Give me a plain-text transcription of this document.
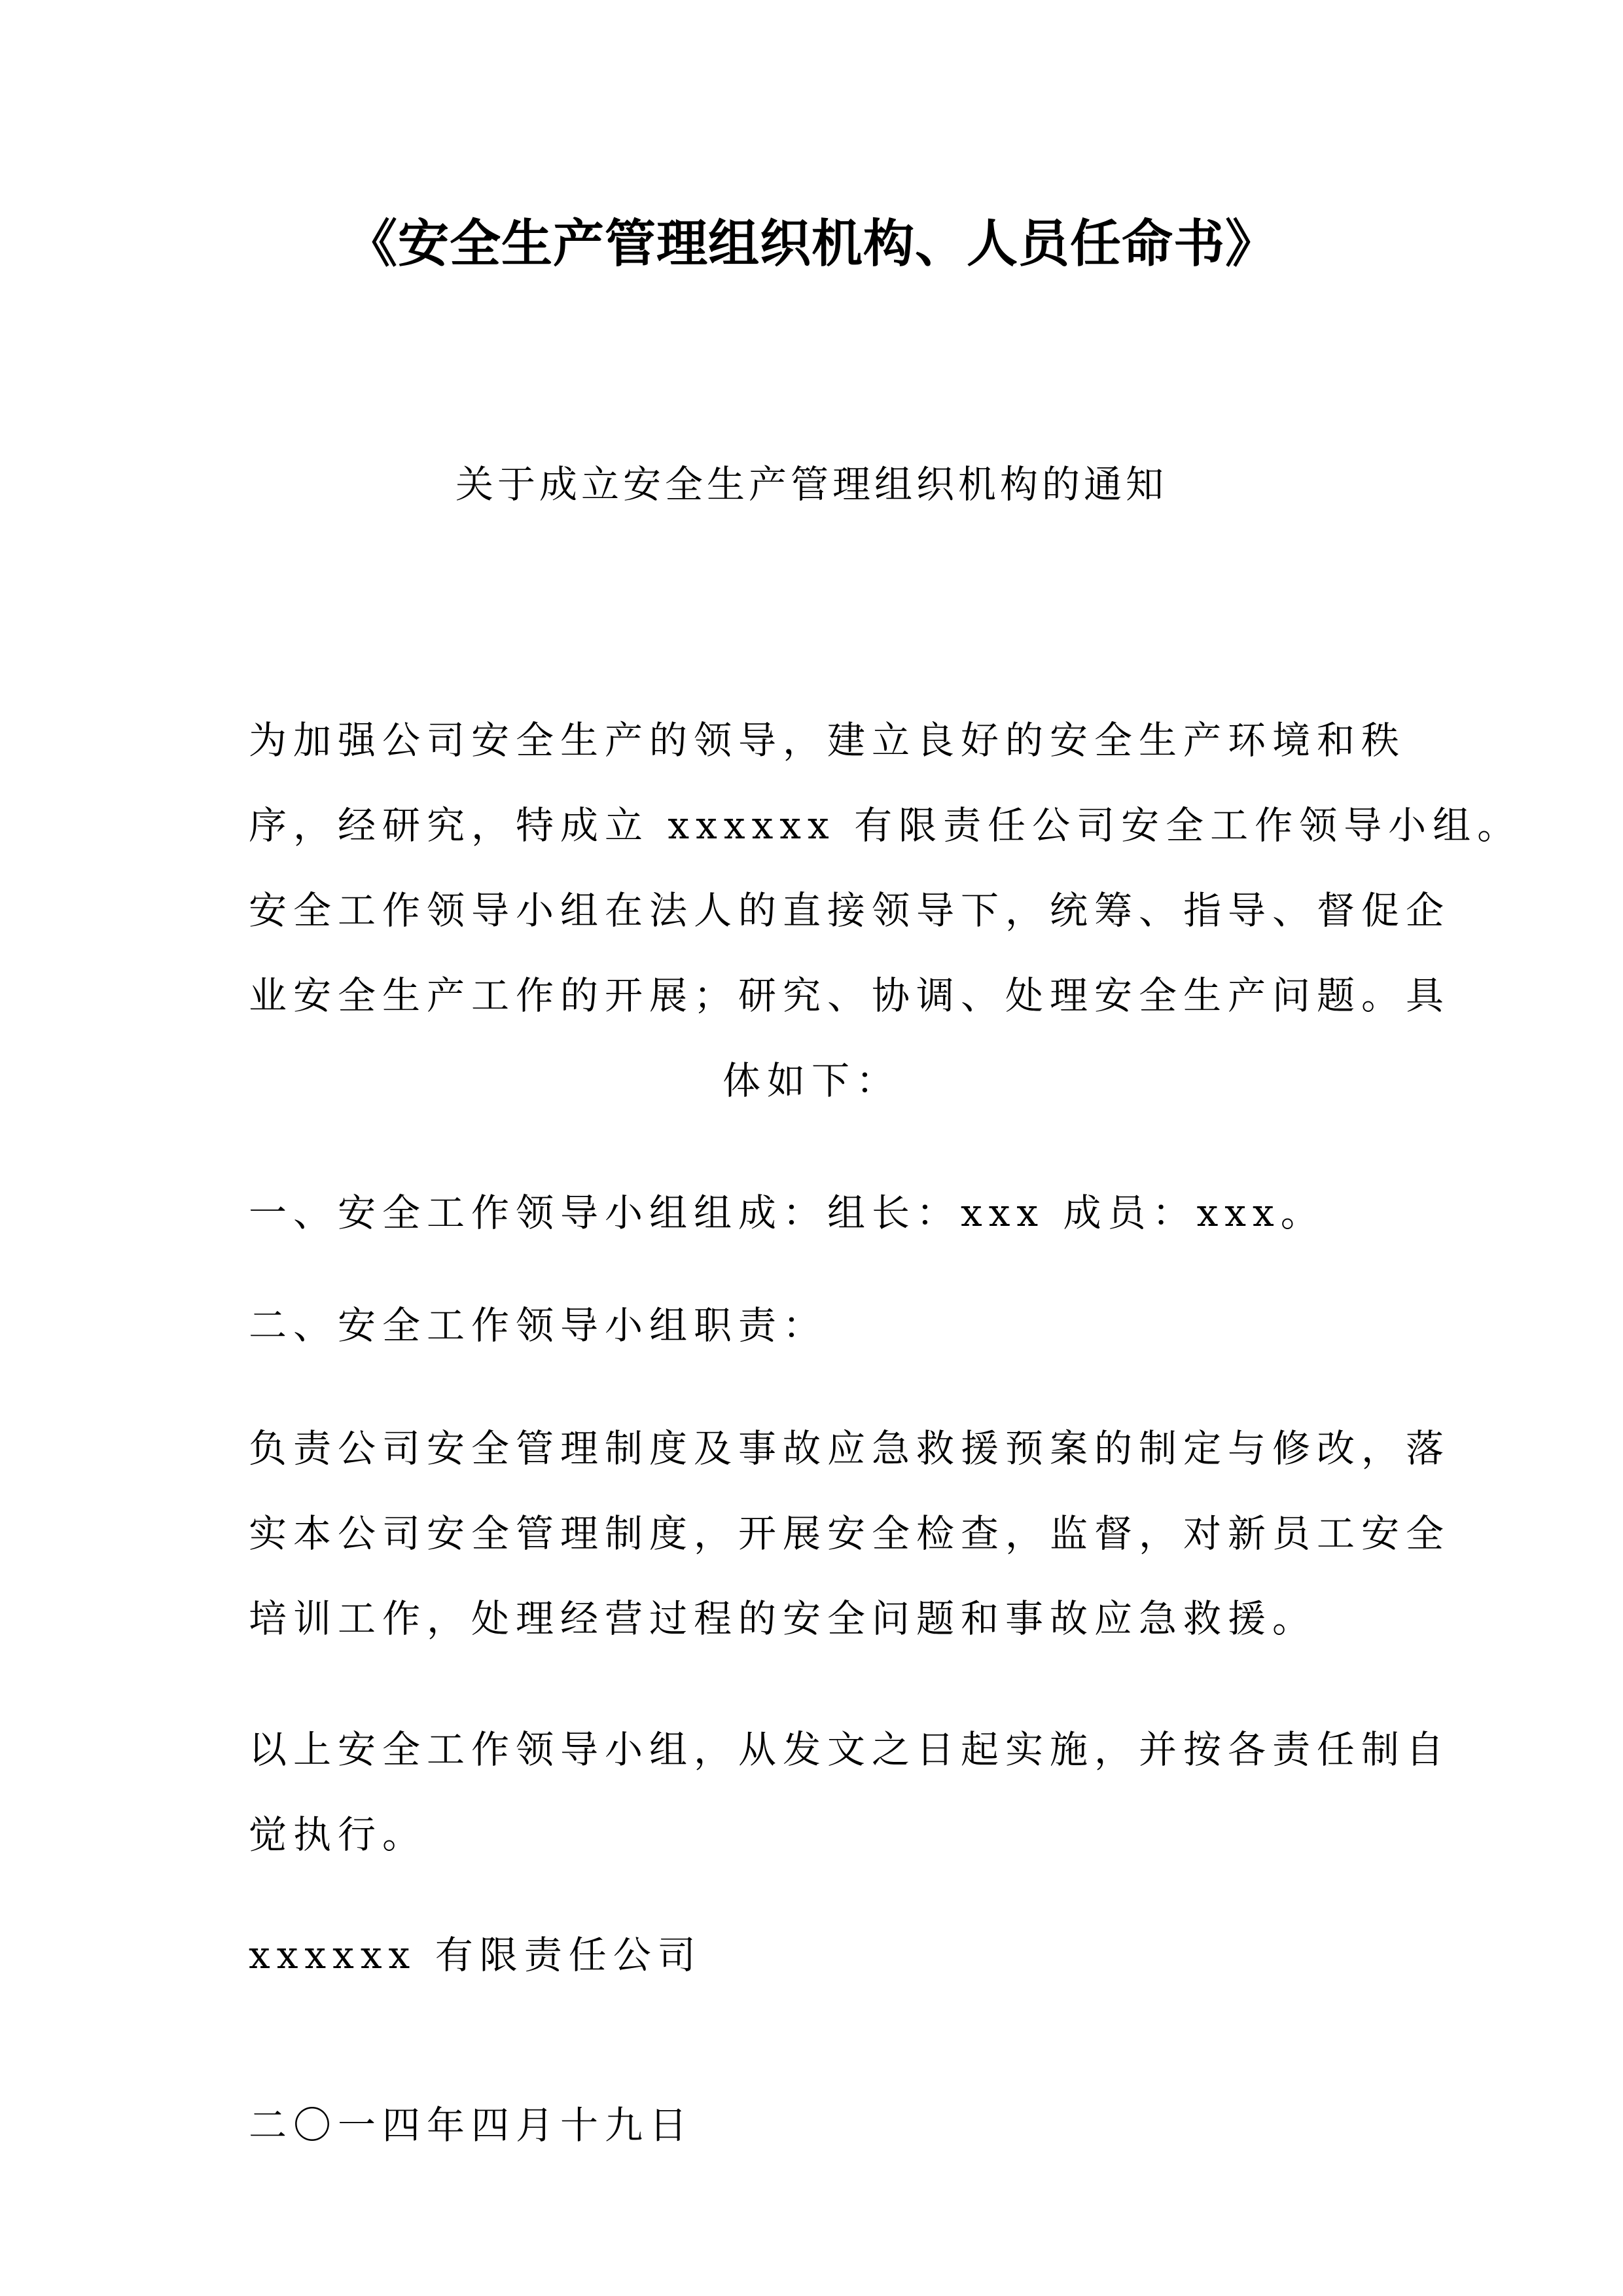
《安全生产管理组织机构、人员任命书》
关于成立安全生产管理组织机构的通知
为加强公司安全生产的领导，建立良好的安全生产环境和秩
序，经研究，特成立 xxxxxx 有限责任公司安全工作领导小组。
安全工作领导小组在法人的直接领导下，统筹、指导、督促企
业安全生产工作的开展；研究、协调、处理安全生产问题。具
体如下：
一、安全工作领导小组组成：组长：xxx 成员：xxx。
二、安全工作领导小组职责：
负责公司安全管理制度及事故应急救援预案的制定与修改，落
实本公司安全管理制度，开展安全检查，监督，对新员工安全
培训工作，处理经营过程的安全问题和事故应急救援。
以上安全工作领导小组，从发文之日起实施，并按各责任制自
觉执行。
xxxxxx 有限责任公司
二〇一四年四月十九日
